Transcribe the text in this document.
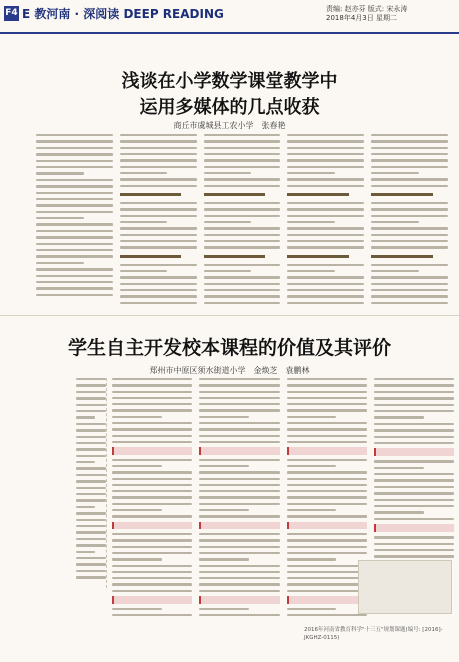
F4 E 教河南 · 深阅读 DEEP READING	责编: 赵亦芬 版式: 宋永涛
2018年4月3日 星期二
浅谈在小学数学课堂教学中
运用多媒体的几点收获
商丘市虞城县工农小学　张春艳
学生自主开发校本课程的价值及其评价
郑州市中原区须水街道小学　金焕芝　袁鹏林
2016年河南省教育科学"十三五"规划课题(编号: [2016]-JKGHZ-0115)
